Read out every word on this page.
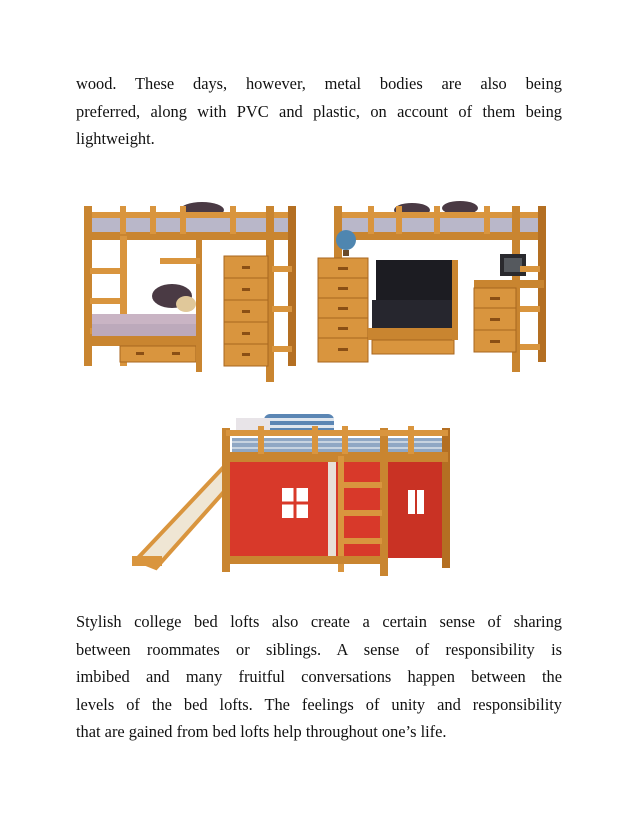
wood. These days, however, metal bodies are also being
preferred, along with PVC and plastic, on account of them being
lightweight.

Stylish college bed lofts also create a certain sense of sharing
between roommates or siblings. A sense of responsibility is
imbibed and many fruitful conversations happen between the
levels of the bed lofts. The feelings of unity and responsibility
that are gained from bed lofts help throughout one’s life.
